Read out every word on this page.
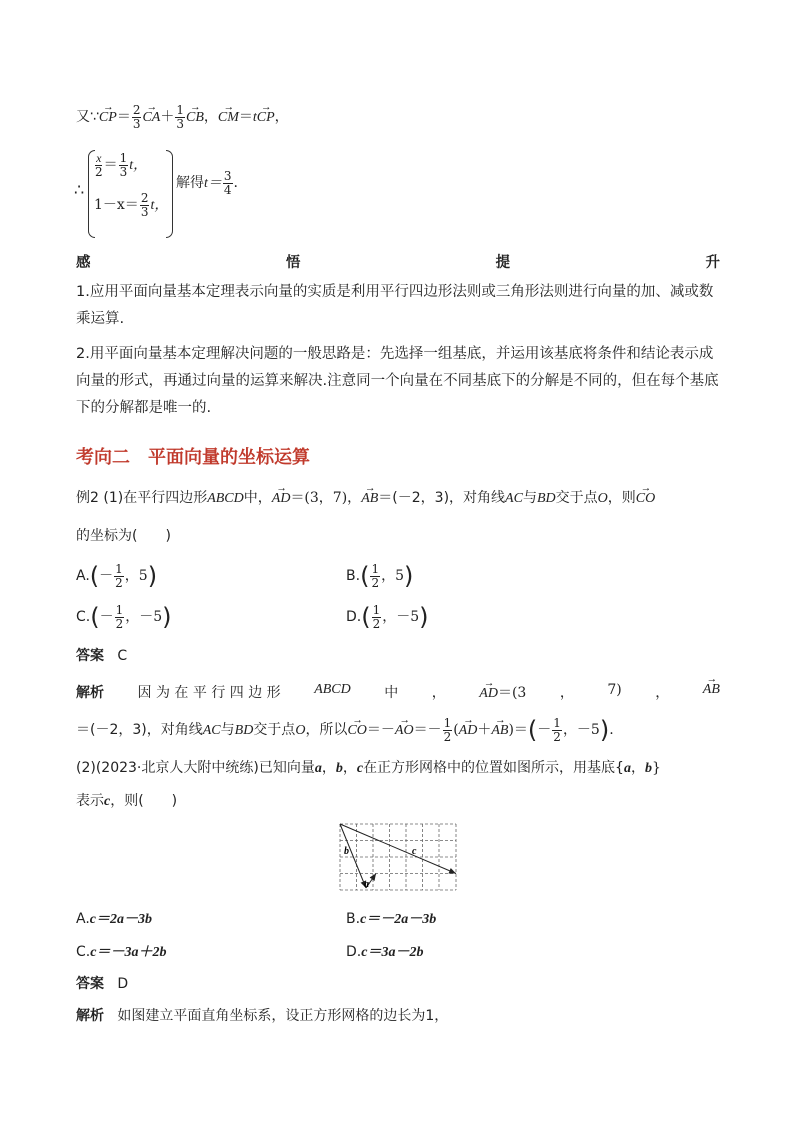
又∵→ $CP= \frac{2}{3}$
→ $CA+ \frac{1}{3}$
→ CB，→ CM＝t→ CP，
∴
$\frac{x}{2} = \frac{1}{3}$ t，
$1-x= \frac{2}{3}$ t，
解得$t= \frac{3}{4}$ .
感	悟	提	升
1.应用平面向量基本定理表示向量的实质是利用平行四边形法则或三角形法则进行向量的加、减或数乘运算.
2.用平面向量基本定理解决问题的一般思路是：先选择一组基底，并运用该基底将条件和结论表示成向量的形式，再通过向量的运算来解决.注意同一个向量在不同基底下的分解是不同的，但在每个基底下的分解都是唯一的.
考向二　平面向量的坐标运算
例2 (1)在平行四边形ABCD中，→ AD＝(3，7)，→ AB＝(－2，3)，对角线AC与BD交于点O，则→ CO
的坐标为(　　)
$A.(- \frac{1}{2}$ ，5)	$B.( \frac{1}{2}$ ，5)
$C.(- \frac{1}{2}$ ，－5)	$D.( \frac{1}{2}$ ，－5)
答案 C
解析 因 为 在 平 行 四 边 形 ABCD 中 ，
→ AD＝(3 ， 7) ，
→ AB
＝(－2，3)，对角线AC与BD交于点O，所以→ $CO=-\to AO=- \frac{1}{2}$ (→ $AD+\to AB)=(- \frac{1}{2}$ ，－5).
(2)(2023·北京人大附中统练)已知向量a，b，c在正方形网格中的位置如图所示，用基底{a，b}
表示c，则(　　)
b	c
a
A.c＝2a－3b	B.c＝－2a－3b
C.c＝－3a＋2b	D.c＝3a－2b
答案 D
解析 如图建立平面直角坐标系，设正方形网格的边长为1，
